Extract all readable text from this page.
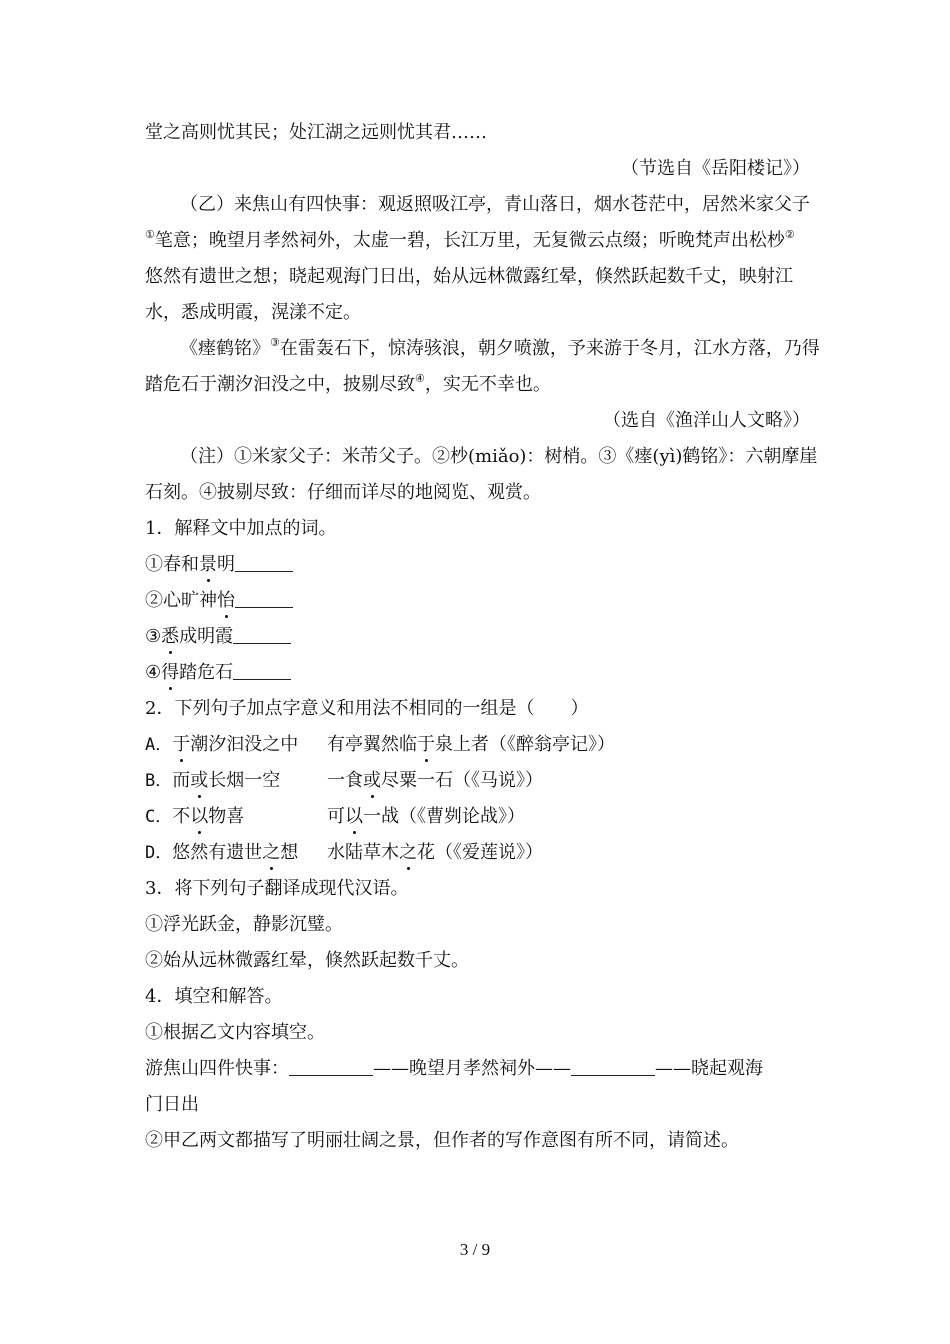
堂之高则忧其民；处江湖之远则忧其君……
（节选自《岳阳楼记》）
（乙）来焦山有四快事：观返照吸江亭，青山落日，烟水苍茫中，居然米家父子
①笔意；晚望月孝然祠外，太虚一碧，长江万里，无复微云点缀；听晚梵声出松杪②
悠然有遗世之想；晓起观海门日出，始从远林微露红晕，倏然跃起数千丈，映射江
水，悉成明霞，滉漾不定。
《瘗鹤铭》③在雷轰石下，惊涛骇浪，朝夕喷激，予来游于冬月，江水方落，乃得
踏危石于潮汐汩没之中，披剔尽致④，实无不幸也。
（选自《渔洋山人文略》）
（注）①米家父子：米芾父子。②杪(miǎo)：树梢。③《瘗(yì)鹤铭》：六朝摩崖
石刻。④披剔尽致：仔细而详尽的地阅览、观赏。
1．解释文中加点的词。
①春和景明
②心旷神怡
③悉成明霞
④得踏危石
2．下列句子加点字意义和用法不相同的一组是（　　）
A．于潮汐汩没之中 有亭翼然临于泉上者（《醉翁亭记》）
B．而或长烟一空	一食或尽粟一石（《马说》）
C．不以物喜	可以一战（《曹刿论战》）
D．悠然有遗世之想 水陆草木之花（《爱莲说》）
3．将下列句子翻译成现代汉语。
①浮光跃金，静影沉璧。
②始从远林微露红晕，倏然跃起数千丈。
4．填空和解答。
①根据乙文内容填空。
游焦山四件快事：	——晚望月孝然祠外——	——晓起观海
门日出
②甲乙两文都描写了明丽壮阔之景，但作者的写作意图有所不同，请简述。
3 / 9
